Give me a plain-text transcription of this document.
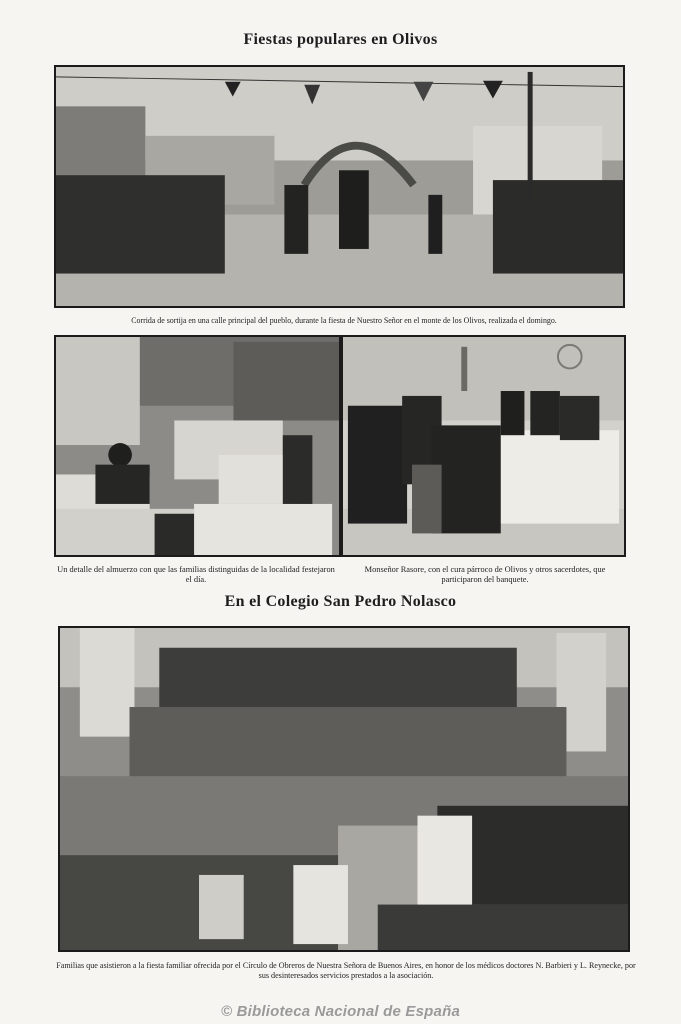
Fiestas populares en Olivos
Corrida de sortija en una calle principal del pueblo, durante la fiesta de Nuestro Señor en el monte de los Olivos, realizada el domingo.
Un detalle del almuerzo con que las familias distinguidas de la localidad festejaron el día.
Monseñor Rasore, con el cura párroco de Olivos y otros sacerdotes, que participaron del banquete.
En el Colegio San Pedro Nolasco
Familias que asistieron a la fiesta familiar ofrecida por el Círculo de Obreros de Nuestra Señora de Buenos Aires, en honor de los médicos doctores N. Barbieri y L. Reynecke, por sus desinteresados servicios prestados a la asociación.
© Biblioteca Nacional de España
